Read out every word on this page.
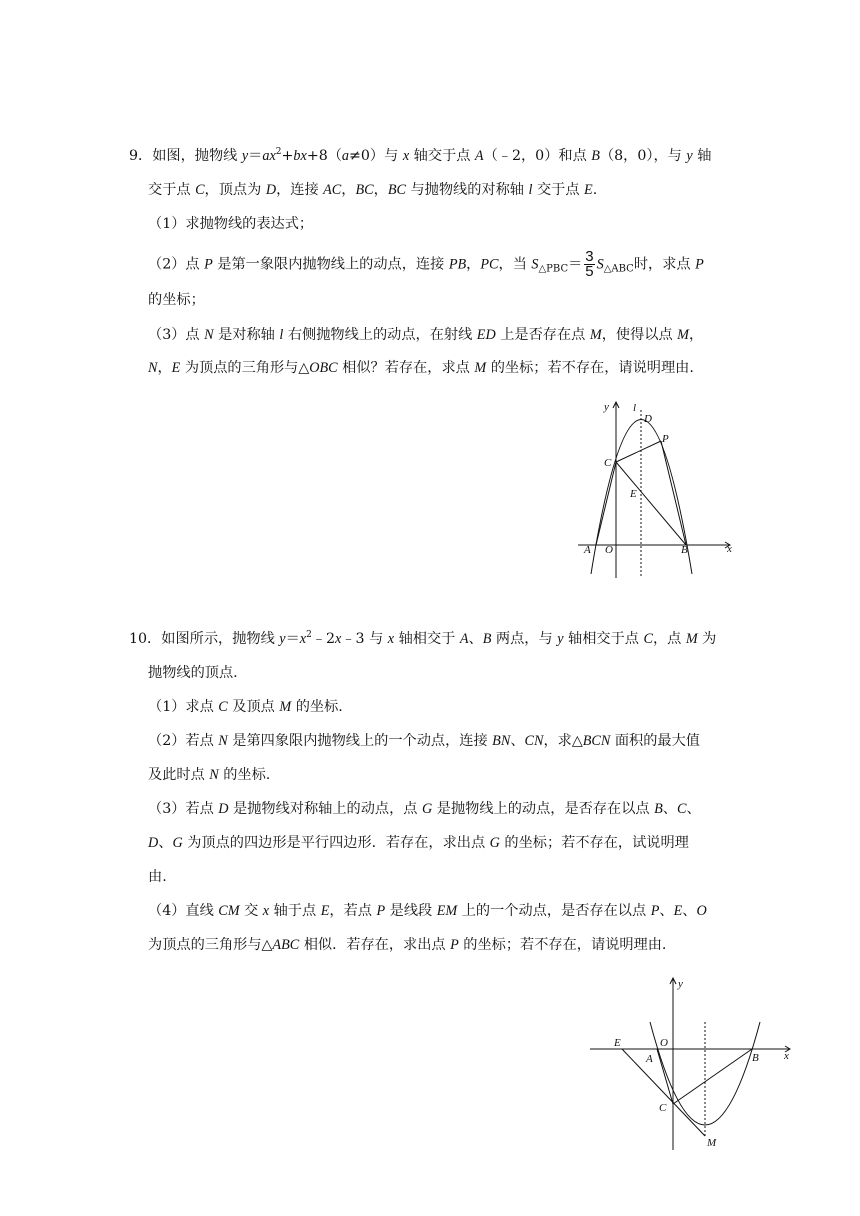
9．如图，抛物线 $y=ax^2+bx+8(a\ne 0)$与 x 轴交于点 A（﹣2，0）和点 B（8，0），与 y 轴
交于点 C，顶点为 D，连接 AC，BC，BC 与抛物线的对称轴 l 交于点 E.
（1）求抛物线的表达式；
（2）点 P 是第一象限内抛物线上的动点，连接 PB，PC，当 $S_{\triangle PBC}= \frac{3}{5} S_{\triangle ABC}$时，求点 P
的坐标；
（3）点 N 是对称轴 l 右侧抛物线上的动点，在射线 ED 上是否存在点 M，使得以点 M，
N，E 为顶点的三角形与△OBC 相似？若存在，求点 M 的坐标；若不存在，请说明理由.
y l
D
P
C
E
A O	B	x
10．如图所示，抛物线 $y=x^2﹣2x﹣3$ 与 x 轴相交于 A、B 两点，与 y 轴相交于点 C，点 M 为
抛物线的顶点.
（1）求点 C 及顶点 M 的坐标.
（2）若点 N 是第四象限内抛物线上的一个动点，连接 BN、CN，求△BCN 面积的最大值
及此时点 N 的坐标.
（3）若点 D 是抛物线对称轴上的动点，点 G 是抛物线上的动点，是否存在以点 B、C、
D、G 为顶点的四边形是平行四边形．若存在，求出点 G 的坐标；若不存在，试说明理
由.
（4）直线 CM 交 x 轴于点 E，若点 P 是线段 EM 上的一个动点，是否存在以点 P、E、O
为顶点的三角形与△ABC 相似．若存在，求出点 P 的坐标；若不存在，请说明理由.
y
E	O
A	B x
C
M
